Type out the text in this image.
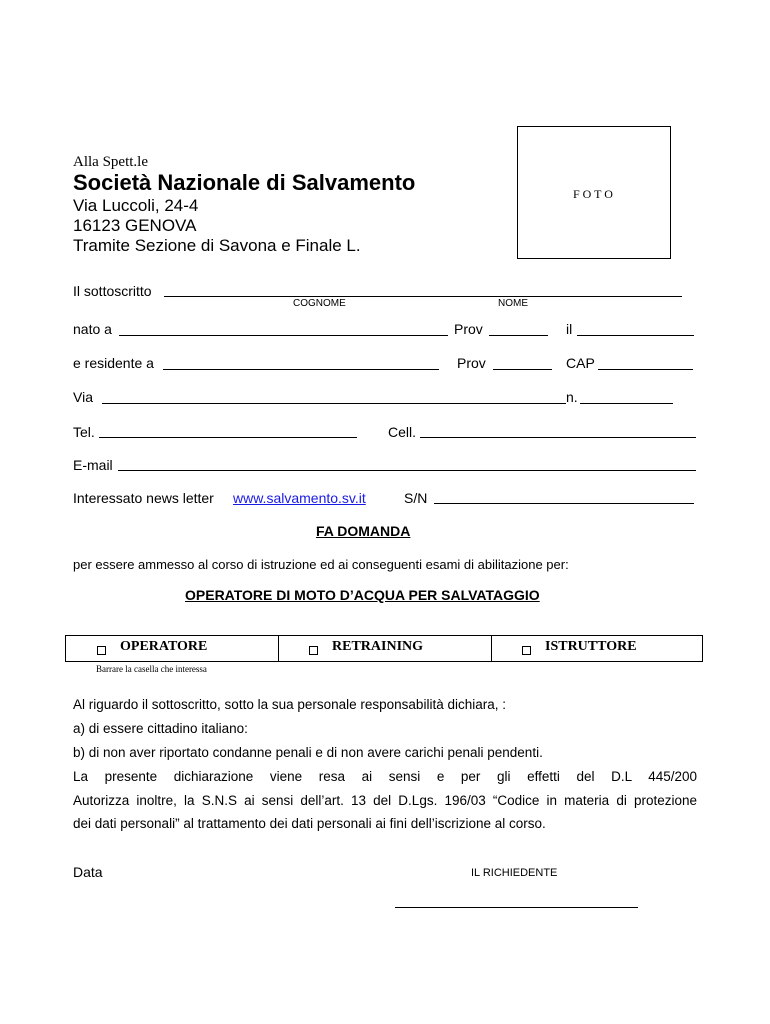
Alla Spett.le
Società Nazionale di Salvamento
Via Luccoli, 24-4
16123 GENOVA
Tramite Sezione di Savona e Finale L.
F O T O
Il sottoscritto
COGNOME	NOME
nato a	Prov	il
e residente a	Prov	CAP
Via	n.
Tel.	Cell.
E-mail
Interessato news letter www.salvamento.sv.it	S/N
FA DOMANDA
per essere ammesso al corso di istruzione ed ai conseguenti esami di abilitazione per:
OPERATORE DI MOTO D’ACQUA PER SALVATAGGIO
OPERATORE	RETRAINING	ISTRUTTORE
Barrare la casella che interessa
Al riguardo il sottoscritto, sotto la sua personale responsabilità dichiara, :
a) di essere cittadino italiano:
b) di non aver riportato condanne penali e di non avere carichi penali pendenti.
La presente dichiarazione viene resa ai sensi e per gli effetti del D.L 445/200
Autorizza inoltre, la S.N.S ai sensi dell’art. 13 del D.Lgs. 196/03 “Codice in materia di protezione
dei dati personali” al trattamento dei dati personali ai fini dell’iscrizione al corso.
Data	IL RICHIEDENTE
